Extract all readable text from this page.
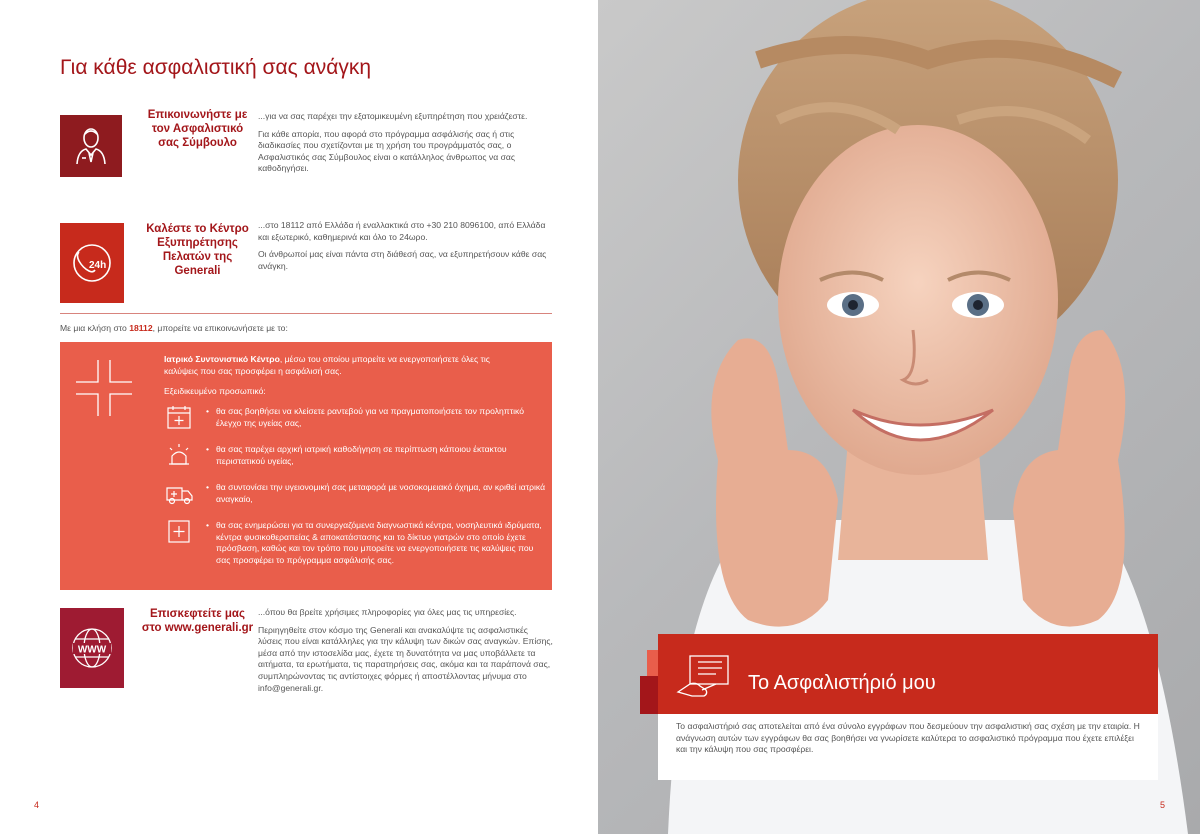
Για κάθε ασφαλιστική σας ανάγκη
Επικοινωνήστε με τον Ασφαλιστικό σας Σύμβουλο

...για να σας παρέχει την εξατομικευμένη εξυπηρέτηση που χρειάζεστε.

Για κάθε απορία, που αφορά στο πρόγραμμα ασφάλισής σας ή στις διαδικασίες που σχετίζονται με τη χρήση του προγράμματός σας, ο Ασφαλιστικός σας Σύμβουλος είναι ο κατάλληλος άνθρωπος να σας καθοδηγήσει.

24h
Καλέστε το Κέντρο Εξυπηρέτησης Πελατών της Generali

...στο 18112 από Ελλάδα ή εναλλακτικά στο +30 210 8096100, από Ελλάδα και εξωτερικό, καθημερινά και όλο το 24ωρο.

Οι άνθρωποί μας είναι πάντα στη διάθεσή σας, να εξυπηρετήσουν κάθε σας ανάγκη.

Με μια κλήση στο 18112, μπορείτε να επικοινωνήσετε με το:
Ιατρικό Συντονιστικό Κέντρο, μέσω του οποίου μπορείτε να ενεργοποιήσετε όλες τις καλύψεις που σας προσφέρει η ασφάλισή σας.
Εξειδικευμένο προσωπικό:
• θα σας βοηθήσει να κλείσετε ραντεβού για να πραγματοποιήσετε τον προληπτικό έλεγχο της υγείας σας,
• θα σας παρέχει αρχική ιατρική καθοδήγηση σε περίπτωση κάποιου έκτακτου περιστατικού υγείας,
• θα συντονίσει την υγειονομική σας μεταφορά με νοσοκομειακό όχημα, αν κριθεί ιατρικά αναγκαίο,
• θα σας ενημερώσει για τα συνεργαζόμενα διαγνωστικά κέντρα, νοσηλευτικά ιδρύματα, κέντρα φυσικοθεραπείας & αποκατάστασης και το δίκτυο γιατρών στο οποίο έχετε πρόσβαση, καθώς και τον τρόπο που μπορείτε να ενεργοποιήσετε τις καλύψεις που σας προσφέρει το πρόγραμμα ασφάλισής σας.
WWW
Επισκεφτείτε μας στο www.generali.gr

...όπου θα βρείτε χρήσιμες πληροφορίες για όλες μας τις υπηρεσίες.

Περιηγηθείτε στον κόσμο της Generali και ανακαλύψτε τις ασφαλιστικές λύσεις που είναι κατάλληλες για την κάλυψη των δικών σας αναγκών. Επίσης, μέσα από την ιστοσελίδα μας, έχετε τη δυνατότητα να μας υποβάλλετε τα αιτήματα, τα ερωτήματα, τις παρατηρήσεις σας, ακόμα και τα παράπονά σας, συμπληρώνοντας τις αντίστοιχες φόρμες ή αποστέλλοντας μήνυμα στο info@generali.gr.

4
Το Ασφαλιστήριό μου
Το ασφαλιστήριό σας αποτελείται από ένα σύνολο εγγράφων που δεσμεύουν την ασφαλιστική σας σχέση με την εταιρία. Η ανάγνωση αυτών των εγγράφων θα σας βοηθήσει να γνωρίσετε καλύτερα το ασφαλιστικό πρόγραμμα που έχετε επιλέξει και την κάλυψη που σας προσφέρει.
5
